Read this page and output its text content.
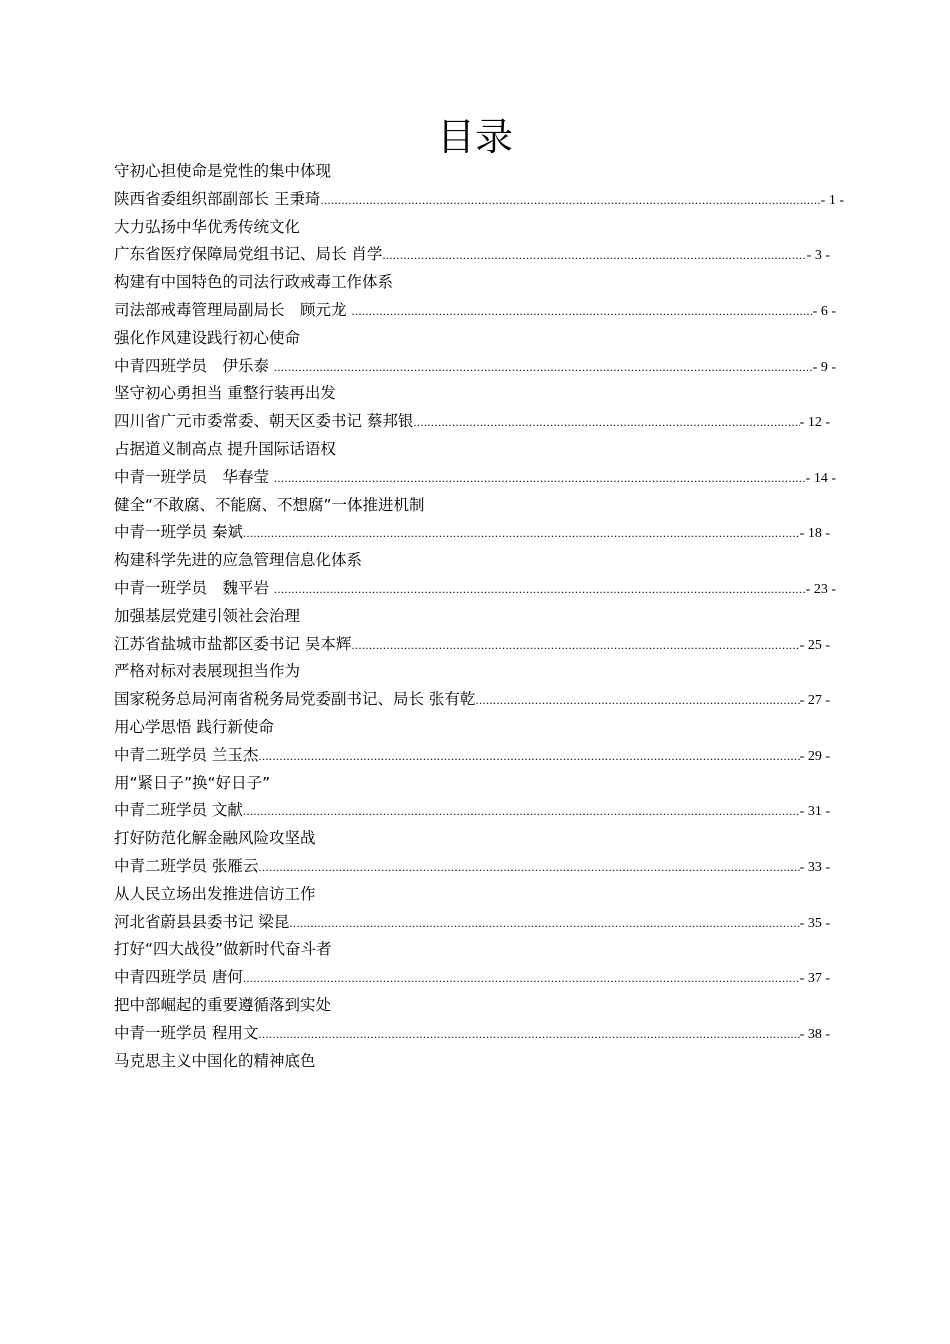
目录
守初心担使命是党性的集中体现
陕西省委组织部副部长 王秉琦 .....	- 1 -
大力弘扬中华优秀传统文化
广东省医疗保障局党组书记、局长 肖学 .....	- 3 -
构建有中国特色的司法行政戒毒工作体系
司法部戒毒管理局副局长　顾元龙 .....	- 6 -
强化作风建设践行初心使命
中青四班学员　伊乐泰 .....	- 9 -
坚守初心勇担当 重整行装再出发
四川省广元市委常委、朝天区委书记 蔡邦银 .....	- 12 -
占据道义制高点 提升国际话语权
中青一班学员　华春莹 .....	- 14 -
健全“不敢腐、不能腐、不想腐”一体推进机制
中青一班学员 秦斌 .....	- 18 -
构建科学先进的应急管理信息化体系
中青一班学员　魏平岩 .....	- 23 -
加强基层党建引领社会治理
江苏省盐城市盐都区委书记 吴本辉 .....	- 25 -
严格对标对表展现担当作为
国家税务总局河南省税务局党委副书记、局长 张有乾 .....	- 27 -
用心学思悟 践行新使命
中青二班学员 兰玉杰 .....	- 29 -
用“紧日子”换“好日子”
中青二班学员 文献 .....	- 31 -
打好防范化解金融风险攻坚战
中青二班学员 张雁云 .....	- 33 -
从人民立场出发推进信访工作
河北省蔚县县委书记 梁昆 .....	- 35 -
打好“四大战役”做新时代奋斗者
中青四班学员 唐何 .....	- 37 -
把中部崛起的重要遵循落到实处
中青一班学员 程用文 .....	- 38 -
马克思主义中国化的精神底色
